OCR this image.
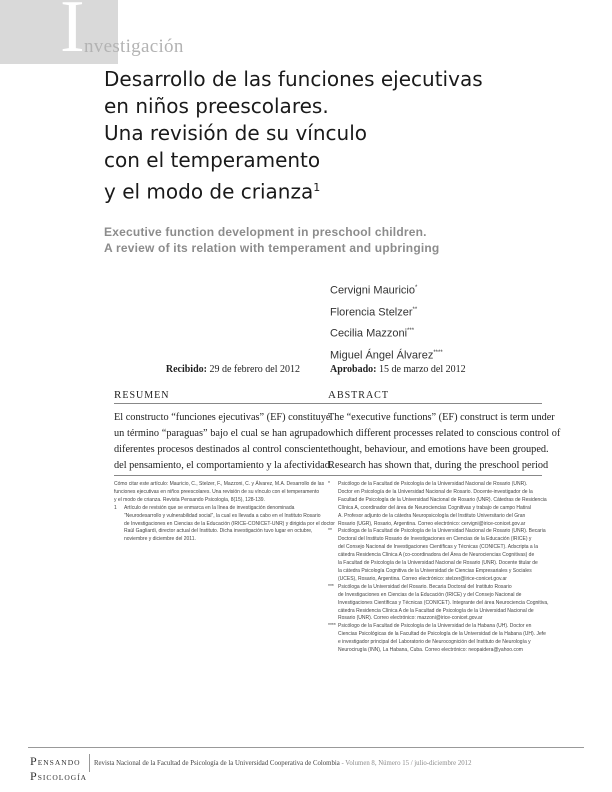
I nvestigación
Desarrollo de las funciones ejecutivas
en niños preescolares.
Una revisión de su vínculo
con el temperamento
y el modo de crianza$^1$
Executive function development in preschool children.
A review of its relation with temperament and upbringing
Cervigni Mauricio*
Florencia Stelzer**
Cecilia Mazzoni***
Miguel Ángel Álvarez****
Recibido: 29 de febrero del 2012	Aprobado: 15 de marzo del 2012
RESUMEN
El constructo “funciones ejecutivas” (EF) constituye
un término “paraguas” bajo el cual se han agrupado
diferentes procesos destinados al control consciente
del pensamiento, el comportamiento y la afectividad.
ABSTRACT
The “executive functions” (EF) construct is term under
which different processes related to conscious control of
thought, behaviour, and emotions have been grouped.
Research has shown that, during the preschool period
Cómo citar este artículo: Mauricio, C., Stelzer, F., Mazzoni, C. y Álvarez, M.A. Desarrollo de las
funciones ejecutivas en niños preescolares. Una revisión de su vínculo con el temperamento
y el modo de crianza. Revista Pensando Psicología, 8(15), 128-139.
1	Artículo de revisión que se enmarca en la línea de investigación denominada
“Neurodesarrollo y vulnerabilidad social”, la cual es llevada a cabo en el Instituto Rosario
de Investigaciones en Ciencias de la Educación (IRICE-CONICET-UNR) y dirigida por el doctor
Raúl Gagliardi, director actual del Instituto. Dicha investigación tuvo lugar en octubre,
noviembre y diciembre del 2011.
*	Psicólogo de la Facultad de Psicología de la Universidad Nacional de Rosario (UNR).
Doctor en Psicología de la Universidad Nacional de Rosario. Docente-investigador de la
Facultad de Psicología de la Universidad Nacional de Rosario (UNR). Cátedras de Residencia
Clínica A, coordinador del área de Neurociencias Cognitivas y trabajo de campo Hatiral
A. Profesor adjunto de la cátedra Neuropsicología del Instituto Universitario del Gran
Rosario (UGR), Rosario, Argentina. Correo electrónico: cervigni@irice-conicet.gov.ar
**	Psicóloga de la Facultad de Psicología de la Universidad Nacional de Rosario (UNR). Becaria
Doctoral del Instituto Rosario de Investigaciones en Ciencias de la Educación (IRICE) y
del Consejo Nacional de Investigaciones Científicas y Técnicas (CONICET). Adscripta a la
cátedra Residencia Clínica A (co-coordinadora del Área de Neurociencias Cognitivas) de
la Facultad de Psicología de la Universidad Nacional de Rosario (UNR). Docente titular de
la cátedra Psicología Cognitiva de la Universidad de Ciencias Empresariales y Sociales
(UCES), Rosario, Argentina. Correo electrónico: stelzer@irice-conicet.gov.ar
*** Psicóloga de la Universidad del Rosario. Becaria Doctoral del Instituto Rosario
de Investigaciones en Ciencias de la Educación (IRICE) y del Consejo Nacional de
Investigaciones Científicas y Técnicas (CONICET). Integrante del área Neurociencia Cognitiva,
cátedra Residencia Clínica A de la Facultad de Psicología de la Universidad Nacional de
Rosario (UNR). Correo electrónico: mazzoni@irice-conicet.gov.ar
**** Psicólogo de la Facultad de Psicología de la Universidad de la Habana (UH). Doctor en
Ciencias Psicológicas de la Facultad de Psicología de la Universidad de la Habana (UH). Jefe
e investigador principal del Laboratorio de Neurocognición del Instituto de Neurología y
Neurocirugía (INN), La Habana, Cuba. Correo electrónico: neopaidera@yahoo.com
PENSANDO
PSICOLOGÍA
Revista Nacional de la Facultad de Psicología de la Universidad Cooperativa de Colombia - Volumen 8, Número 15 / julio-diciembre 2012
